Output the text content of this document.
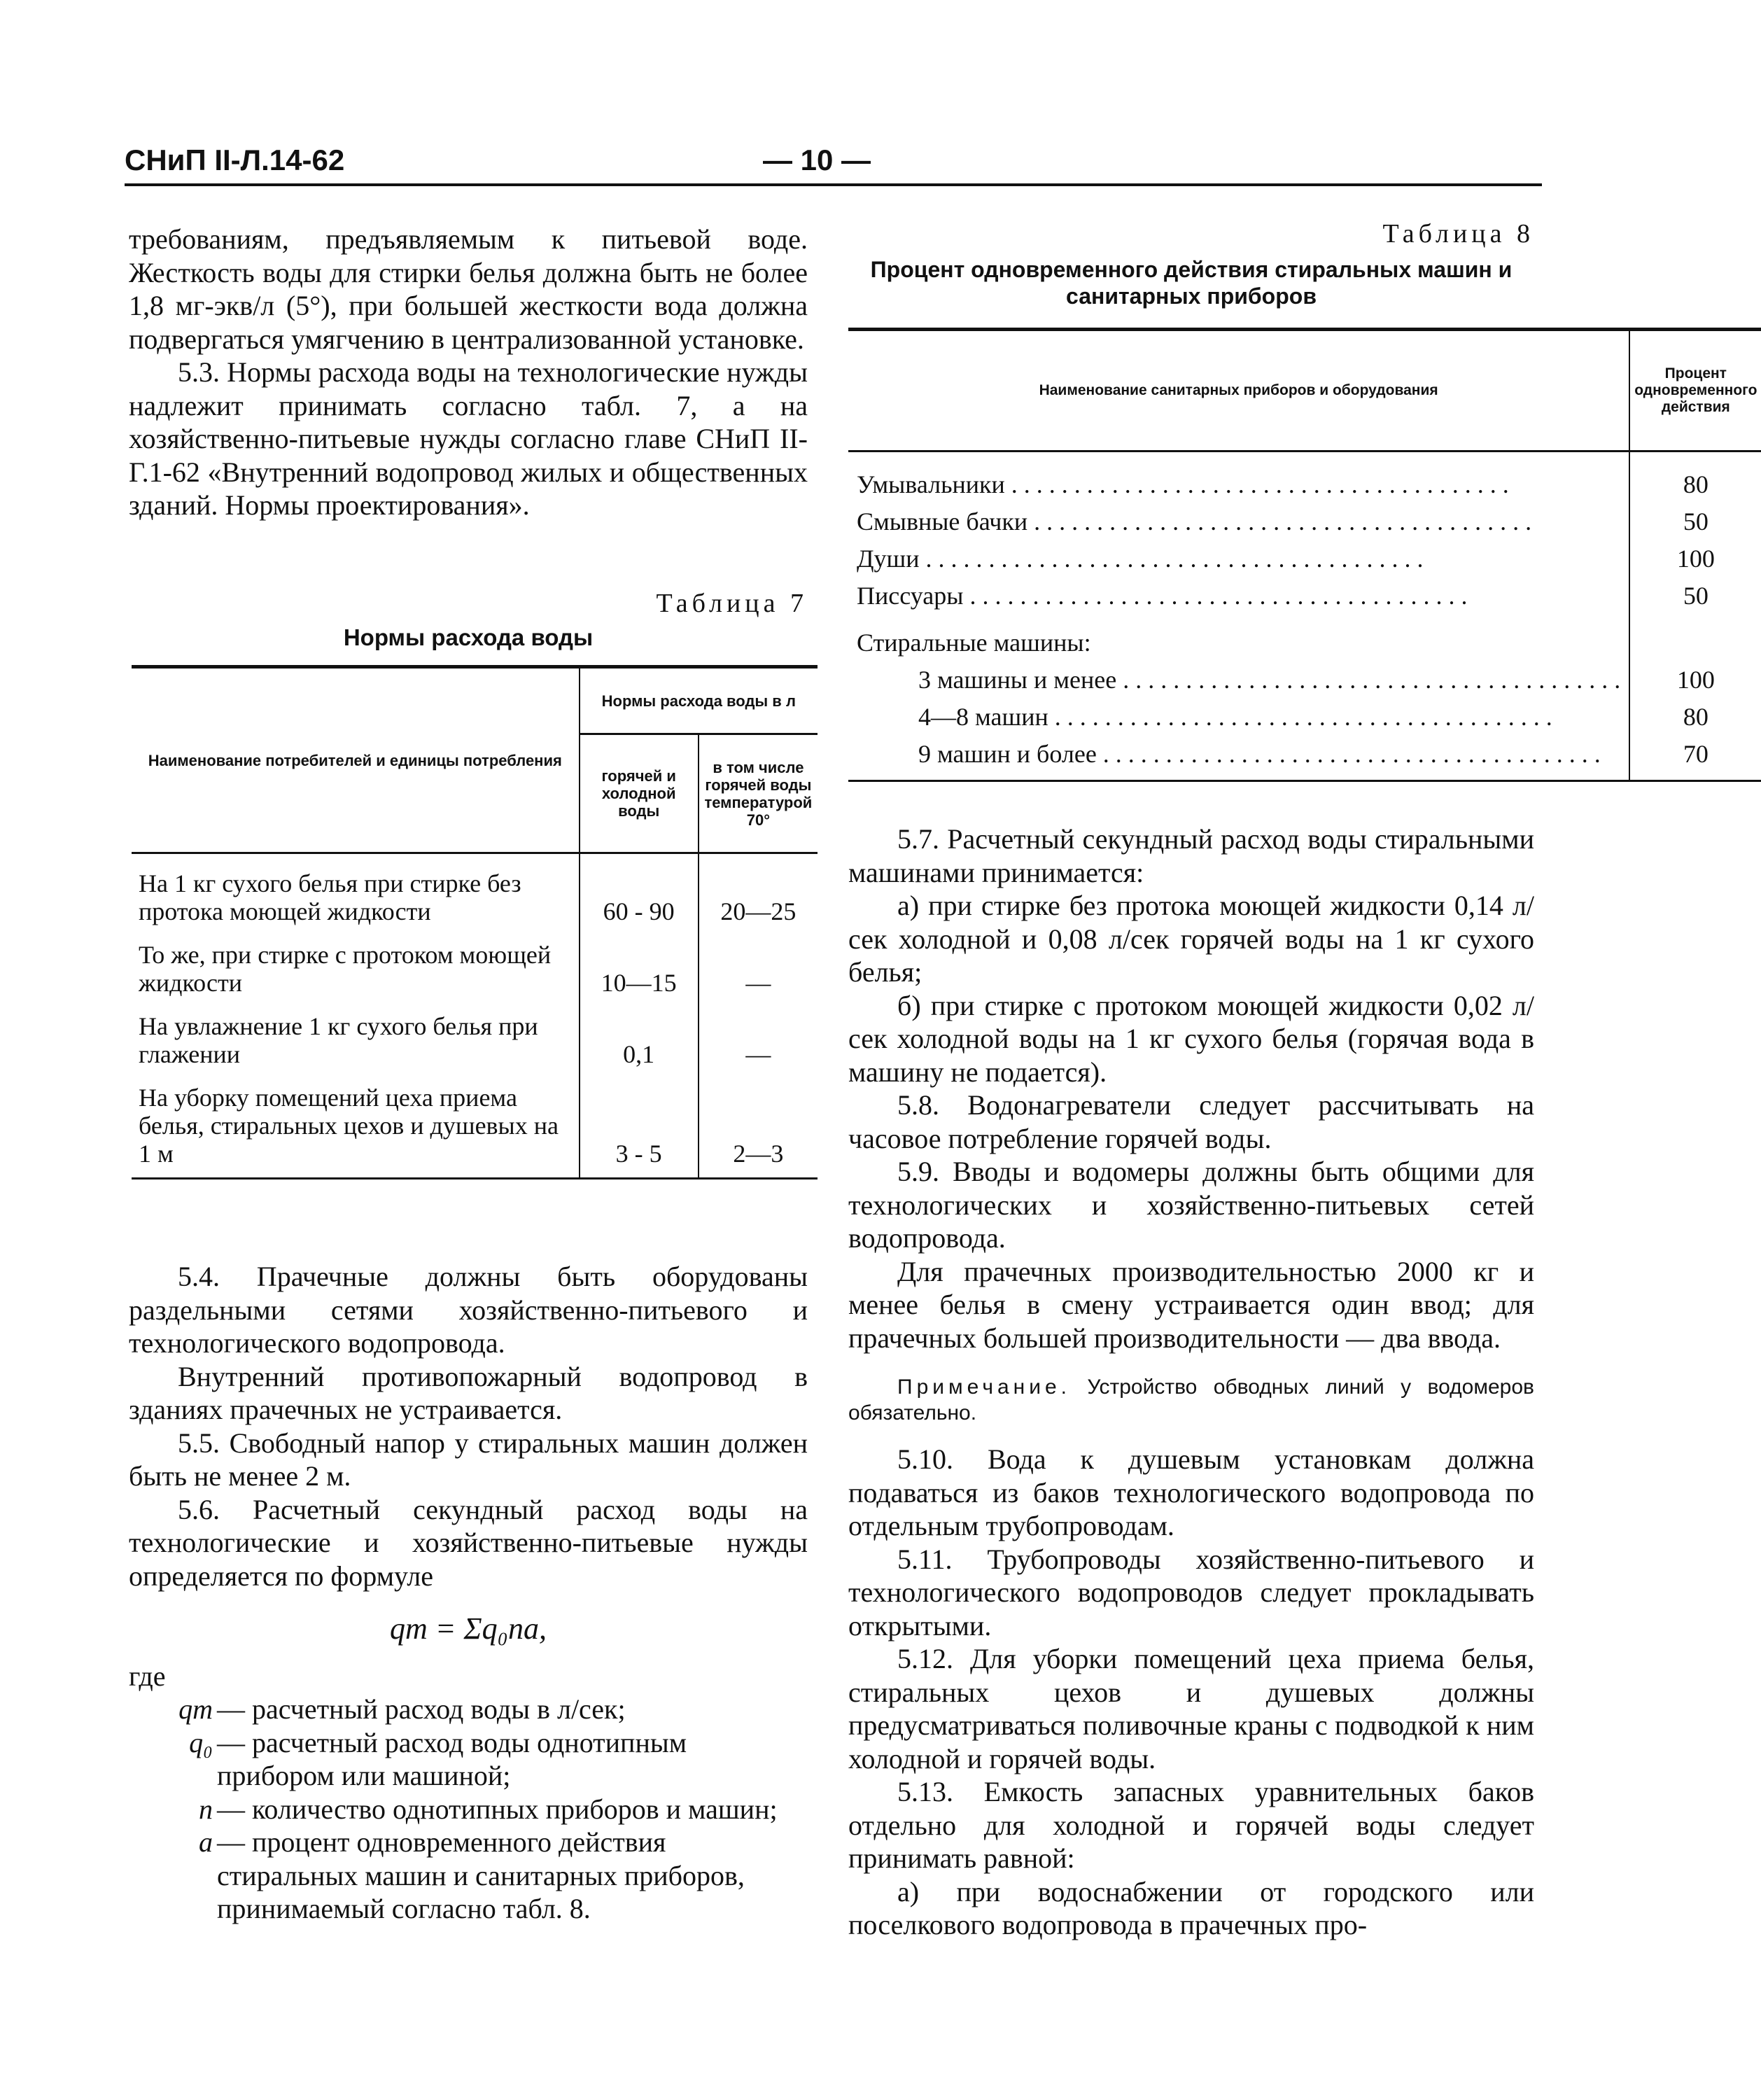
СНиП II-Л.14-62	— 10 —

требованиям, предъявляемым к питьевой воде. Жесткость воды для стирки белья должна быть не более 1,8 мг-экв/л (5°), при большей жесткости вода должна подвергаться умягчению в централизованной установке.

5.3. Нормы расхода воды на технологические нужды надлежит принимать согласно табл. 7, а на хозяйственно-питьевые нужды согласно главе СНиП II-Г.1-62 «Внутренний водопровод жилых и общественных зданий. Нормы проектирования».

Таблица 7
Нормы расхода воды
Наименование потребителей и единицы потребления	Нормы расхода воды в л	
	горячей и холодной воды	в том числе горячей воды температурой 70°
На 1 кг сухого белья при стирке без протока моющей жидкости	60 - 90	20—25
То же, при стирке с протоком моющей жидкости	10—15	—
На увлажнение 1 кг сухого белья при глажении	0,1	—
На уборку помещений цеха приема белья, стиральных цехов и душевых на 1 м	3 - 5	2—3

5.4. Прачечные должны быть оборудованы раздельными сетями хозяйственно-питьевого и технологического водопровода.

Внутренний противопожарный водопровод в зданиях прачечных не устраивается.

5.5. Свободный напор у стиральных машин должен быть не менее 2 м.

5.6. Расчетный секундный расход воды на технологические и хозяйственно-питьевые нужды определяется по формуле

qт = Σq₀na,

где

qт — расчетный расход воды в л/сек;
q₀ — расчетный расход воды однотипным прибором или машиной;
n — количество однотипных приборов и машин;
a — процент одновременного действия стиральных машин и санитарных приборов, принимаемый согласно табл. 8.
Таблица 8
Процент одновременного действия стиральных машин и санитарных приборов
Наименование санитарных приборов и оборудования	Процент одновременного действия
Умывальники . . .	80
Смывные бачки . . .	50
Души . . .	100
Писсуары . . .	50
Стиральные машины:	
3 машины и менее . . .	100
4—8 машин . . .	80
9 машин и более . . .	70

5.7. Расчетный секундный расход воды стиральными машинами принимается:

а) при стирке без протока моющей жидкости 0,14 л/сек холодной и 0,08 л/сек горячей воды на 1 кг сухого белья;

б) при стирке с протоком моющей жидкости 0,02 л/сек холодной воды на 1 кг сухого белья (горячая вода в машину не подается).

5.8. Водонагреватели следует рассчитывать на часовое потребление горячей воды.

5.9. Вводы и водомеры должны быть общими для технологических и хозяйственно-питьевых сетей водопровода.

Для прачечных производительностью 2000 кг и менее белья в смену устраивается один ввод; для прачечных большей производительности — два ввода.

Примечание. Устройство обводных линий у водомеров обязательно.

5.10. Вода к душевым установкам должна подаваться из баков технологического водопровода по отдельным трубопроводам.

5.11. Трубопроводы хозяйственно-питьевого и технологического водопроводов следует прокладывать открытыми.

5.12. Для уборки помещений цеха приема белья, стиральных цехов и душевых должны предусматриваться поливочные краны с подводкой к ним холодной и горячей воды.

5.13. Емкость запасных уравнительных баков отдельно для холодной и горячей воды следует принимать равной:

а) при водоснабжении от городского или поселкового водопровода в прачечных про-
